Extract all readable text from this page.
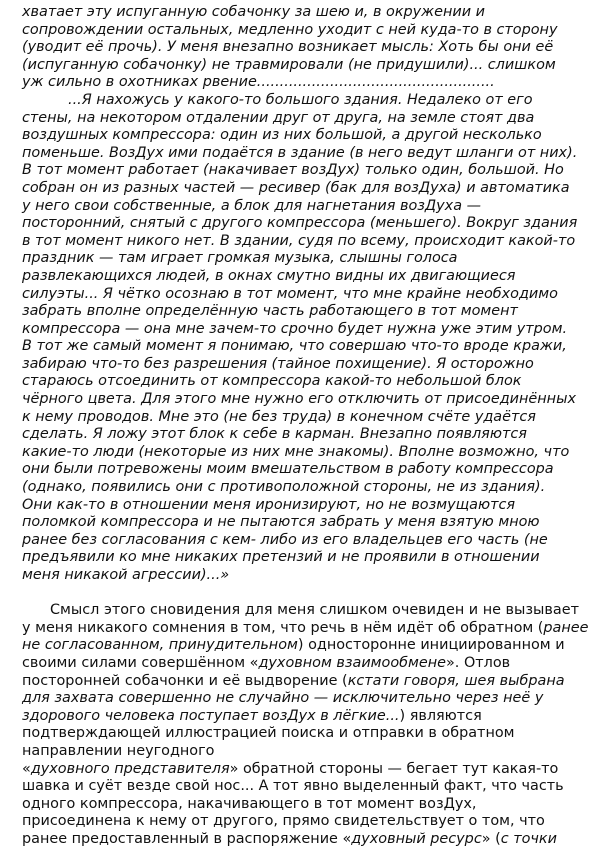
хватает эту испуганную собачонку за шею и, в окружении и
сопровождении остальных, медленно уходит с ней куда-то в сторону
(уводит её прочь). У меня внезапно возникает мысль: Хоть бы они её
(испуганную собачонку) не травмировали (не придушили)... слишком
уж сильно в охотниках рвение....................................................
...Я нахожусь у какого-то большого здания. Недалеко от его
стены, на некотором отдалении друг от друга, на земле стоят два
воздушных компрессора: один из них большой, а другой несколько
поменьше. ВозДух ими подаётся в здание (в него ведут шланги от них).
В тот момент работает (накачивает возДух) только один, большой. Но
собран он из разных частей — ресивер (бак для возДуха) и автоматика
у него свои собственные, а блок для нагнетания возДуха —
посторонний, снятый с другого компрессора (меньшего). Вокруг здания
в тот момент никого нет. В здании, судя по всему, происходит какой-то
праздник — там играет громкая музыка, слышны голоса
развлекающихся людей, в окнах смутно видны их двигающиеся
силуэты... Я чётко осознаю в тот момент, что мне крайне необходимо
забрать вполне определённую часть работающего в тот момент
компрессора — она мне зачем-то срочно будет нужна уже этим утром.
В тот же самый момент я понимаю, что совершаю что-то вроде кражи,
забираю что-то без разрешения (тайное похищение). Я осторожно
стараюсь отсоединить от компрессора какой-то небольшой блок
чёрного цвета. Для этого мне нужно его отключить от присоединённых
к нему проводов. Мне это (не без труда) в конечном счёте удаётся
сделать. Я ложу этот блок к себе в карман. Внезапно появляются
какие-то люди (некоторые из них мне знакомы). Вполне возможно, что
они были потревожены моим вмешательством в работу компрессора
(однако, появились они с противоположной стороны, не из здания).
Они как-то в отношении меня иронизируют, но не возмущаются
поломкой компрессора и не пытаются забрать у меня взятую мною
ранее без согласования с кем- либо из его владельцев его часть (не
предъявили ко мне никаких претензий и не проявили в отношении
меня никакой агрессии)...»
Смысл этого сновидения для меня слишком очевиден и не вызывает
у меня никакого сомнения в том, что речь в нём идёт об обратном (ранее
не согласованном, принудительном) односторонне инициированном и
своими силами совершённом «духовном взаимообмене». Отлов
посторонней собачонки и её выдворение (кстати говоря, шея выбрана
для захвата совершенно не случайно — исключительно через неё у
здорового человека поступает возДух в лёгкие...) являются
подтверждающей иллюстрацией поиска и отправки в обратном
направлении неугодного
«духовного представителя» обратной стороны — бегает тут какая-то
шавка и суёт везде свой нос... А тот явно выделенный факт, что часть
одного компрессора, накачивающего в тот момент возДух,
присоединена к нему от другого, прямо свидетельствует о том, что
ранее предоставленный в распоряжение «духовный ресурс» (с точки
